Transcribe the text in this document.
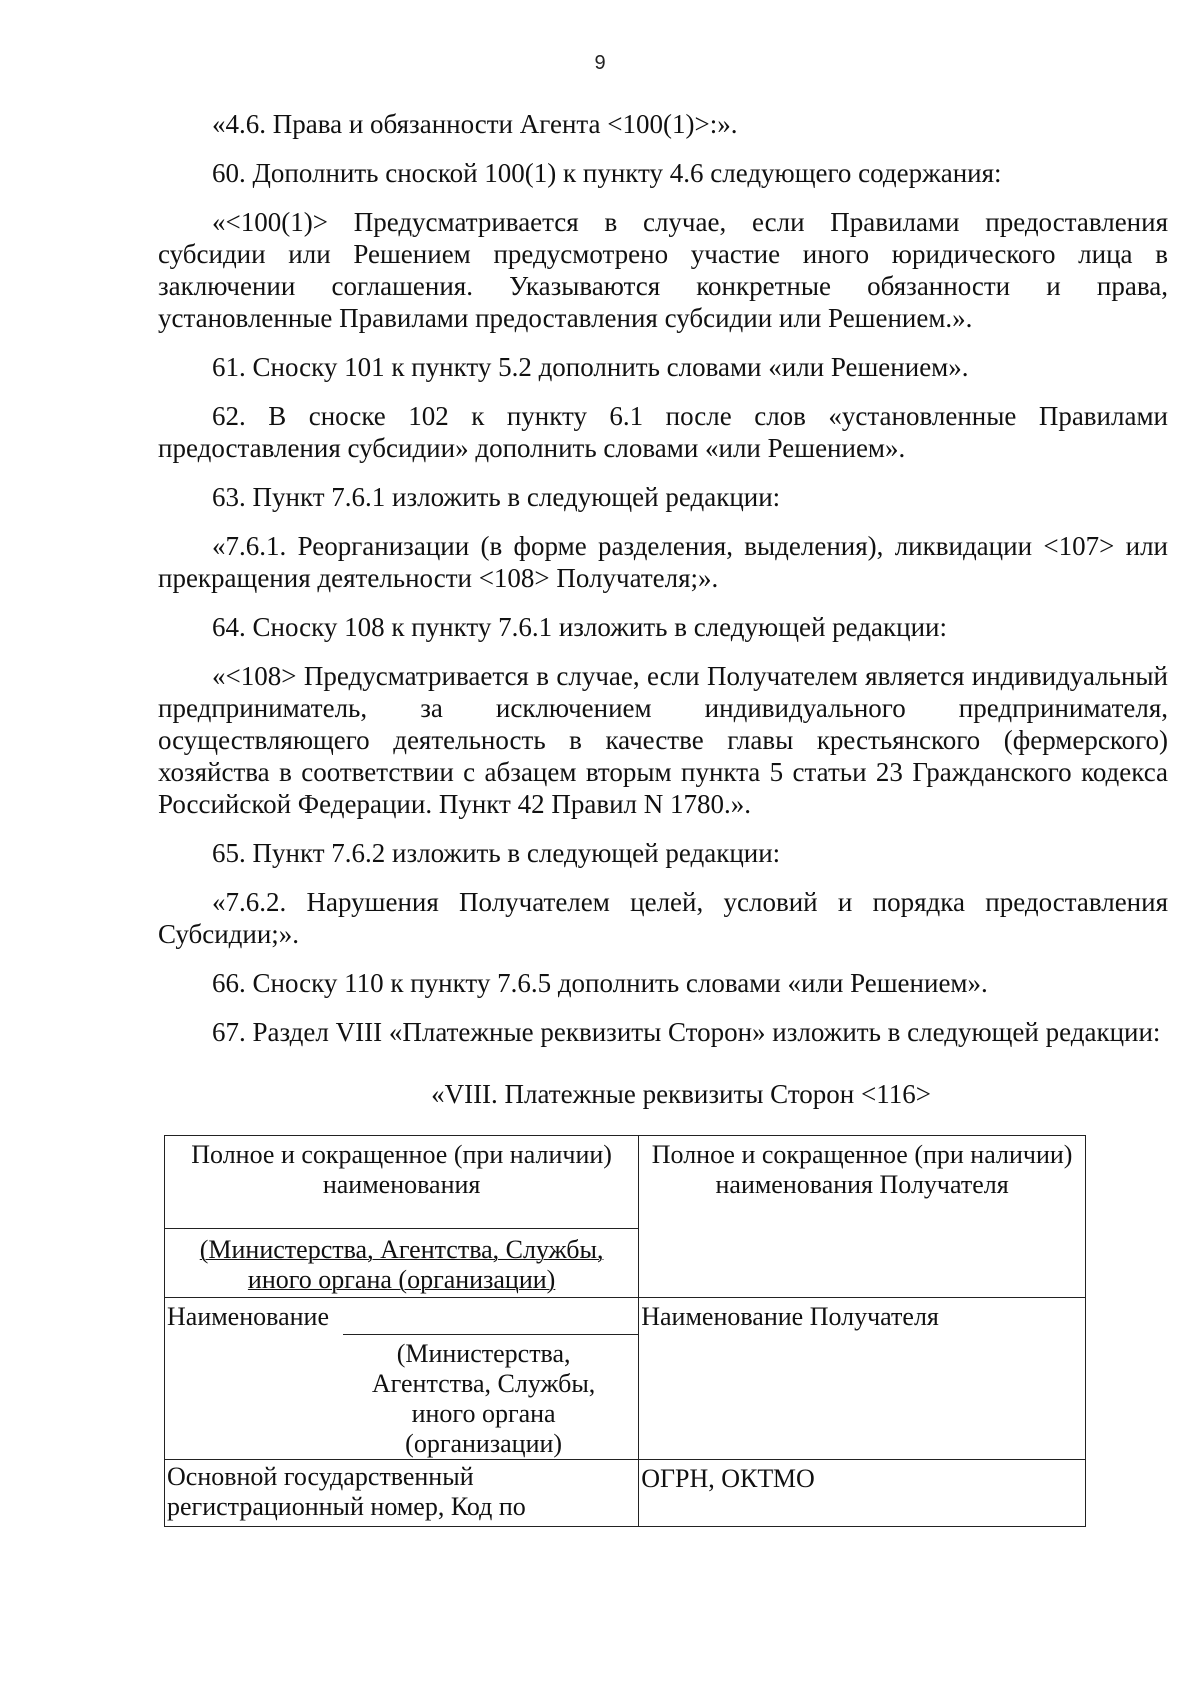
9

«4.6. Права и обязанности Агента <100(1)>:».

60. Дополнить сноской 100(1) к пункту 4.6 следующего содержания:

«<100(1)> Предусматривается в случае, если Правилами предоставления субсидии или Решением предусмотрено участие иного юридического лица в заключении соглашения. Указываются конкретные обязанности и права, установленные Правилами предоставления субсидии или Решением.».

61. Сноску 101 к пункту 5.2 дополнить словами «или Решением».

62. В сноске 102 к пункту 6.1 после слов «установленные Правилами предоставления субсидии» дополнить словами «или Решением».

63. Пункт 7.6.1 изложить в следующей редакции:

«7.6.1. Реорганизации (в форме разделения, выделения), ликвидации <107> или прекращения деятельности <108> Получателя;».

64. Сноску 108 к пункту 7.6.1 изложить в следующей редакции:

«<108> Предусматривается в случае, если Получателем является индивидуальный предприниматель, за исключением индивидуального предпринимателя, осуществляющего деятельность в качестве главы крестьянского (фермерского) хозяйства в соответствии с абзацем вторым пункта 5 статьи 23 Гражданского кодекса Российской Федерации. Пункт 42 Правил N 1780.».

65. Пункт 7.6.2 изложить в следующей редакции:

«7.6.2. Нарушения Получателем целей, условий и порядка предоставления Субсидии;».

66. Сноску 110 к пункту 7.6.5 дополнить словами «или Решением».

67. Раздел VIII «Платежные реквизиты Сторон» изложить в следующей редакции:

«VIII. Платежные реквизиты Сторон <116>
Полное и сокращенное (при наличии) наименования
(Министерства, Агентства, Службы, иного органа (организации)	Полное и сокращенное (при наличии) наименования Получателя

Наименование
(Министерства, Агентства, Службы, иного органа (организации)	Наименование Получателя

Основной государственный регистрационный номер, Код по	ОГРН, ОКТМО
